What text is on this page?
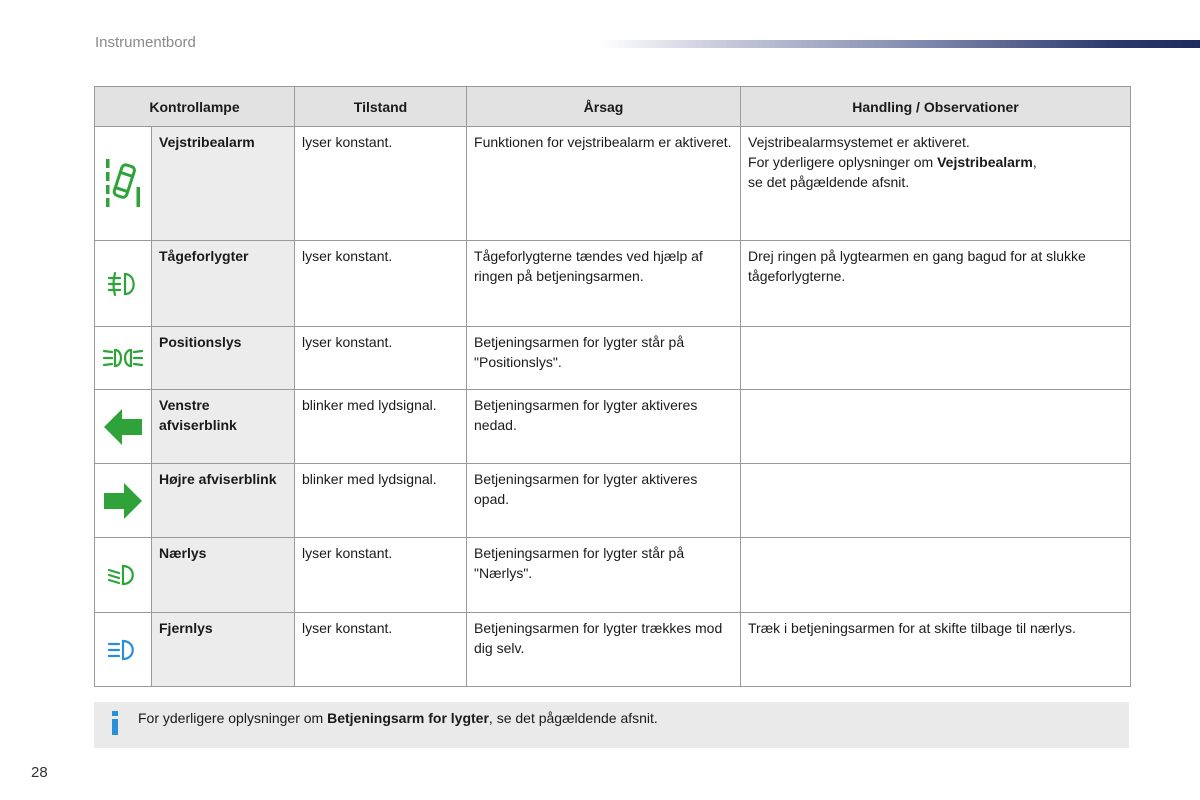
Instrumentbord
Kontrollampe		Tilstand	Årsag	Handling / Observationer
	Vejstribealarm	lyser konstant.	Funktionen for vejstribealarm er aktiveret.	Vejstribealarmsystemet er aktiveret.
For yderligere oplysninger om Vejstribealarm,
se det pågældende afsnit.
	Tågeforlygter	lyser konstant.	Tågeforlygterne tændes ved hjælp af ringen på betjeningsarmen.	Drej ringen på lygtearmen en gang bagud for at slukke tågeforlygterne.
	Positionslys	lyser konstant.	Betjeningsarmen for lygter står på "Positionslys".	
	Venstre afviserblink	blinker med lydsignal.	Betjeningsarmen for lygter aktiveres nedad.	
	Højre afviserblink	blinker med lydsignal.	Betjeningsarmen for lygter aktiveres opad.	
	Nærlys	lyser konstant.	Betjeningsarmen for lygter står på "Nærlys".	
	Fjernlys	lyser konstant.	Betjeningsarmen for lygter trækkes mod dig selv.	Træk i betjeningsarmen for at skifte tilbage til nærlys.
For yderligere oplysninger om Betjeningsarm for lygter, se det pågældende afsnit.
28
